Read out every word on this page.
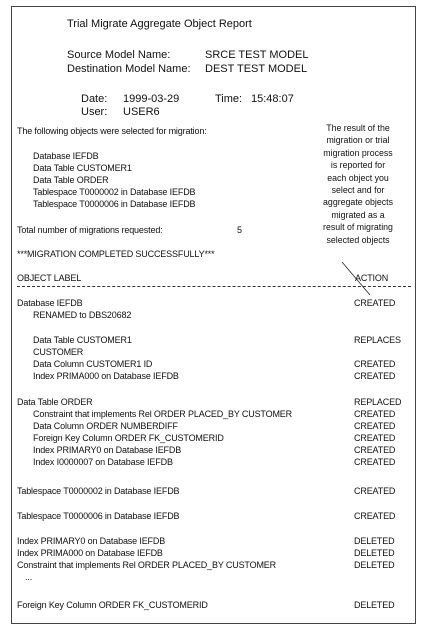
Trial Migrate Aggregate Object Report
Source Model Name:	SRCE TEST MODEL
Destination Model Name: DEST TEST MODEL
Date: 1999-03-29	Time: 15:48:07
User: USER6
The following objects were selected for migration:
Database IEFDB
Data Table CUSTOMER1
Data Table ORDER
Tablespace T0000002 in Database IEFDB
Tablespace T0000006 in Database IEFDB
Total number of migrations requested:	5
***MIGRATION COMPLETED SUCCESSFULLY***
The result of the
migration or trial
migration process
is reported for
each object you
select and for
aggregate objects
migrated as a
result of migrating
selected objects
OBJECT LABEL	ACTION
Database IEFDB	CREATED
RENAMED to DBS20682
Data Table CUSTOMER1	REPLACES
CUSTOMER
Data Column CUSTOMER1 ID	CREATED
Index PRIMA000 on Database IEFDB	CREATED
Data Table ORDER	REPLACED
Constraint that implements Rel ORDER PLACED_BY CUSTOMER	CREATED
Data Column ORDER NUMBERDIFF	CREATED
Foreign Key Column ORDER FK_CUSTOMERID	CREATED
Index PRIMARY0 on Database IEFDB	CREATED
Index I0000007 on Database IEFDB	CREATED
Tablespace T0000002 in Database IEFDB	CREATED
Tablespace T0000006 in Database IEFDB	CREATED
Index PRIMARY0 on Database IEFDB	DELETED
Index PRIMA000 on Database IEFDB	DELETED
Constraint that implements Rel ORDER PLACED_BY CUSTOMER	DELETED
...
Foreign Key Column ORDER FK_CUSTOMERID	DELETED
